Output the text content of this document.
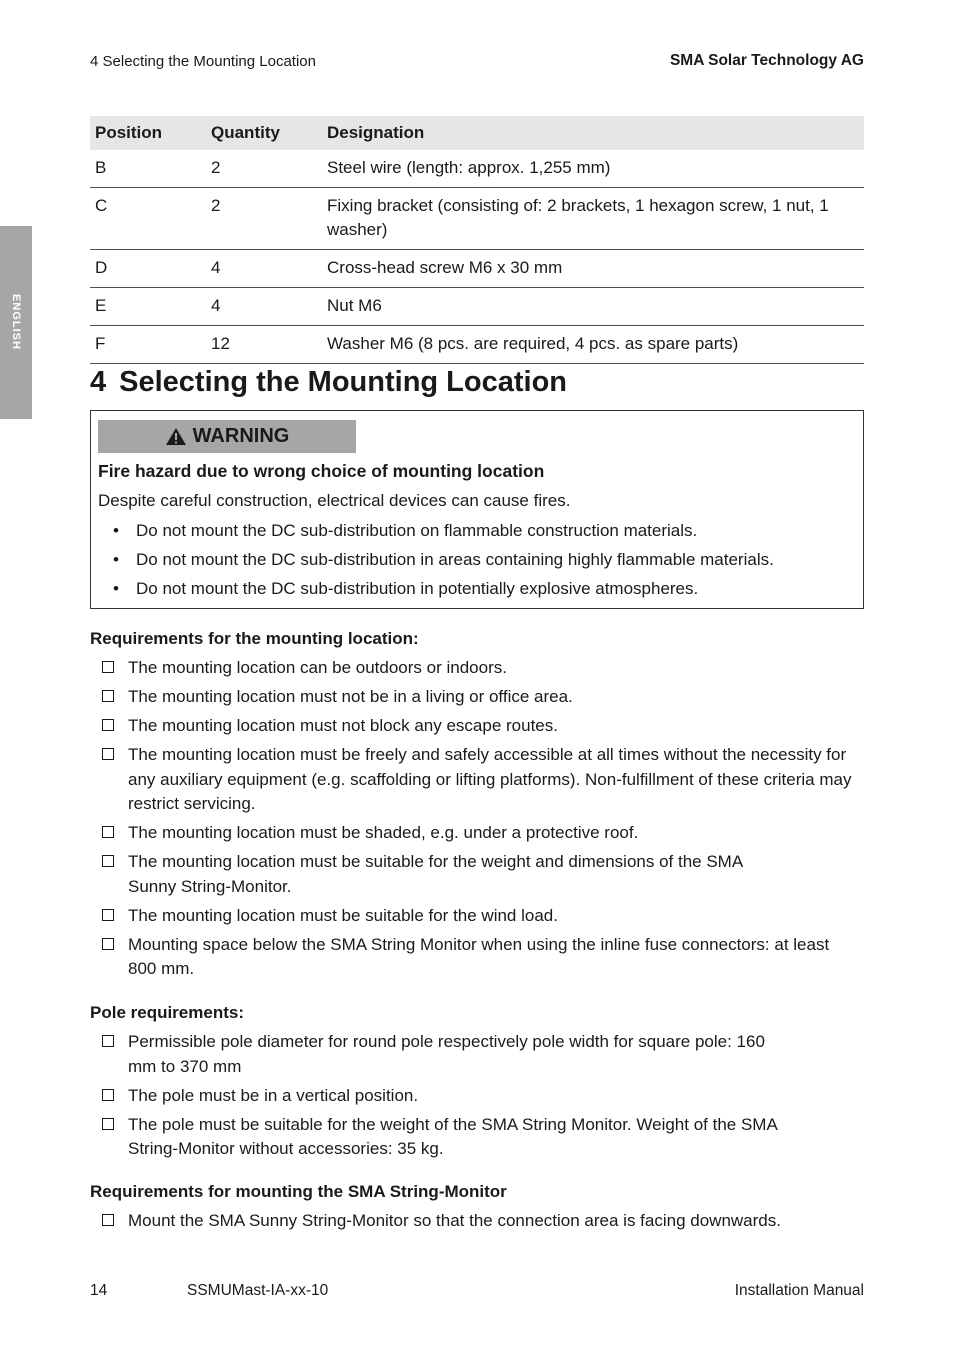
ENGLISH
4 Selecting the Mounting Location	SMA Solar Technology AG
Position	Quantity	Designation
B	2	Steel wire (length: approx. 1,255 mm)
C	2	Fixing bracket (consisting of: 2 brackets, 1 hexagon screw, 1 nut, 1 washer)
D	4	Cross-head screw M6 x 30 mm
E	4	Nut M6
F	12	Washer M6 (8 pcs. are required, 4 pcs. as spare parts)
4 Selecting the Mounting Location
WARNING
Fire hazard due to wrong choice of mounting location
Despite careful construction, electrical devices can cause fires.
• Do not mount the DC sub-distribution on flammable construction materials.
• Do not mount the DC sub-distribution in areas containing highly flammable materials.
• Do not mount the DC sub-distribution in potentially explosive atmospheres.
Requirements for the mounting location:
The mounting location can be outdoors or indoors.
The mounting location must not be in a living or office area.
The mounting location must not block any escape routes.
The mounting location must be freely and safely accessible at all times without the necessity for any auxiliary equipment (e.g. scaffolding or lifting platforms). Non-fulfillment of these criteria may restrict servicing.
The mounting location must be shaded, e.g. under a protective roof.
The mounting location must be suitable for the weight and dimensions of the SMA Sunny String-Monitor.
The mounting location must be suitable for the wind load.
Mounting space below the SMA String Monitor when using the inline fuse connectors: at least 800 mm.
Pole requirements:
Permissible pole diameter for round pole respectively pole width for square pole: 160 mm to 370 mm
The pole must be in a vertical position.
The pole must be suitable for the weight of the SMA String Monitor. Weight of the SMA String-Monitor without accessories: 35 kg.
Requirements for mounting the SMA String-Monitor
Mount the SMA Sunny String-Monitor so that the connection area is facing downwards.
14	SSMUMast-IA-xx-10	Installation Manual
